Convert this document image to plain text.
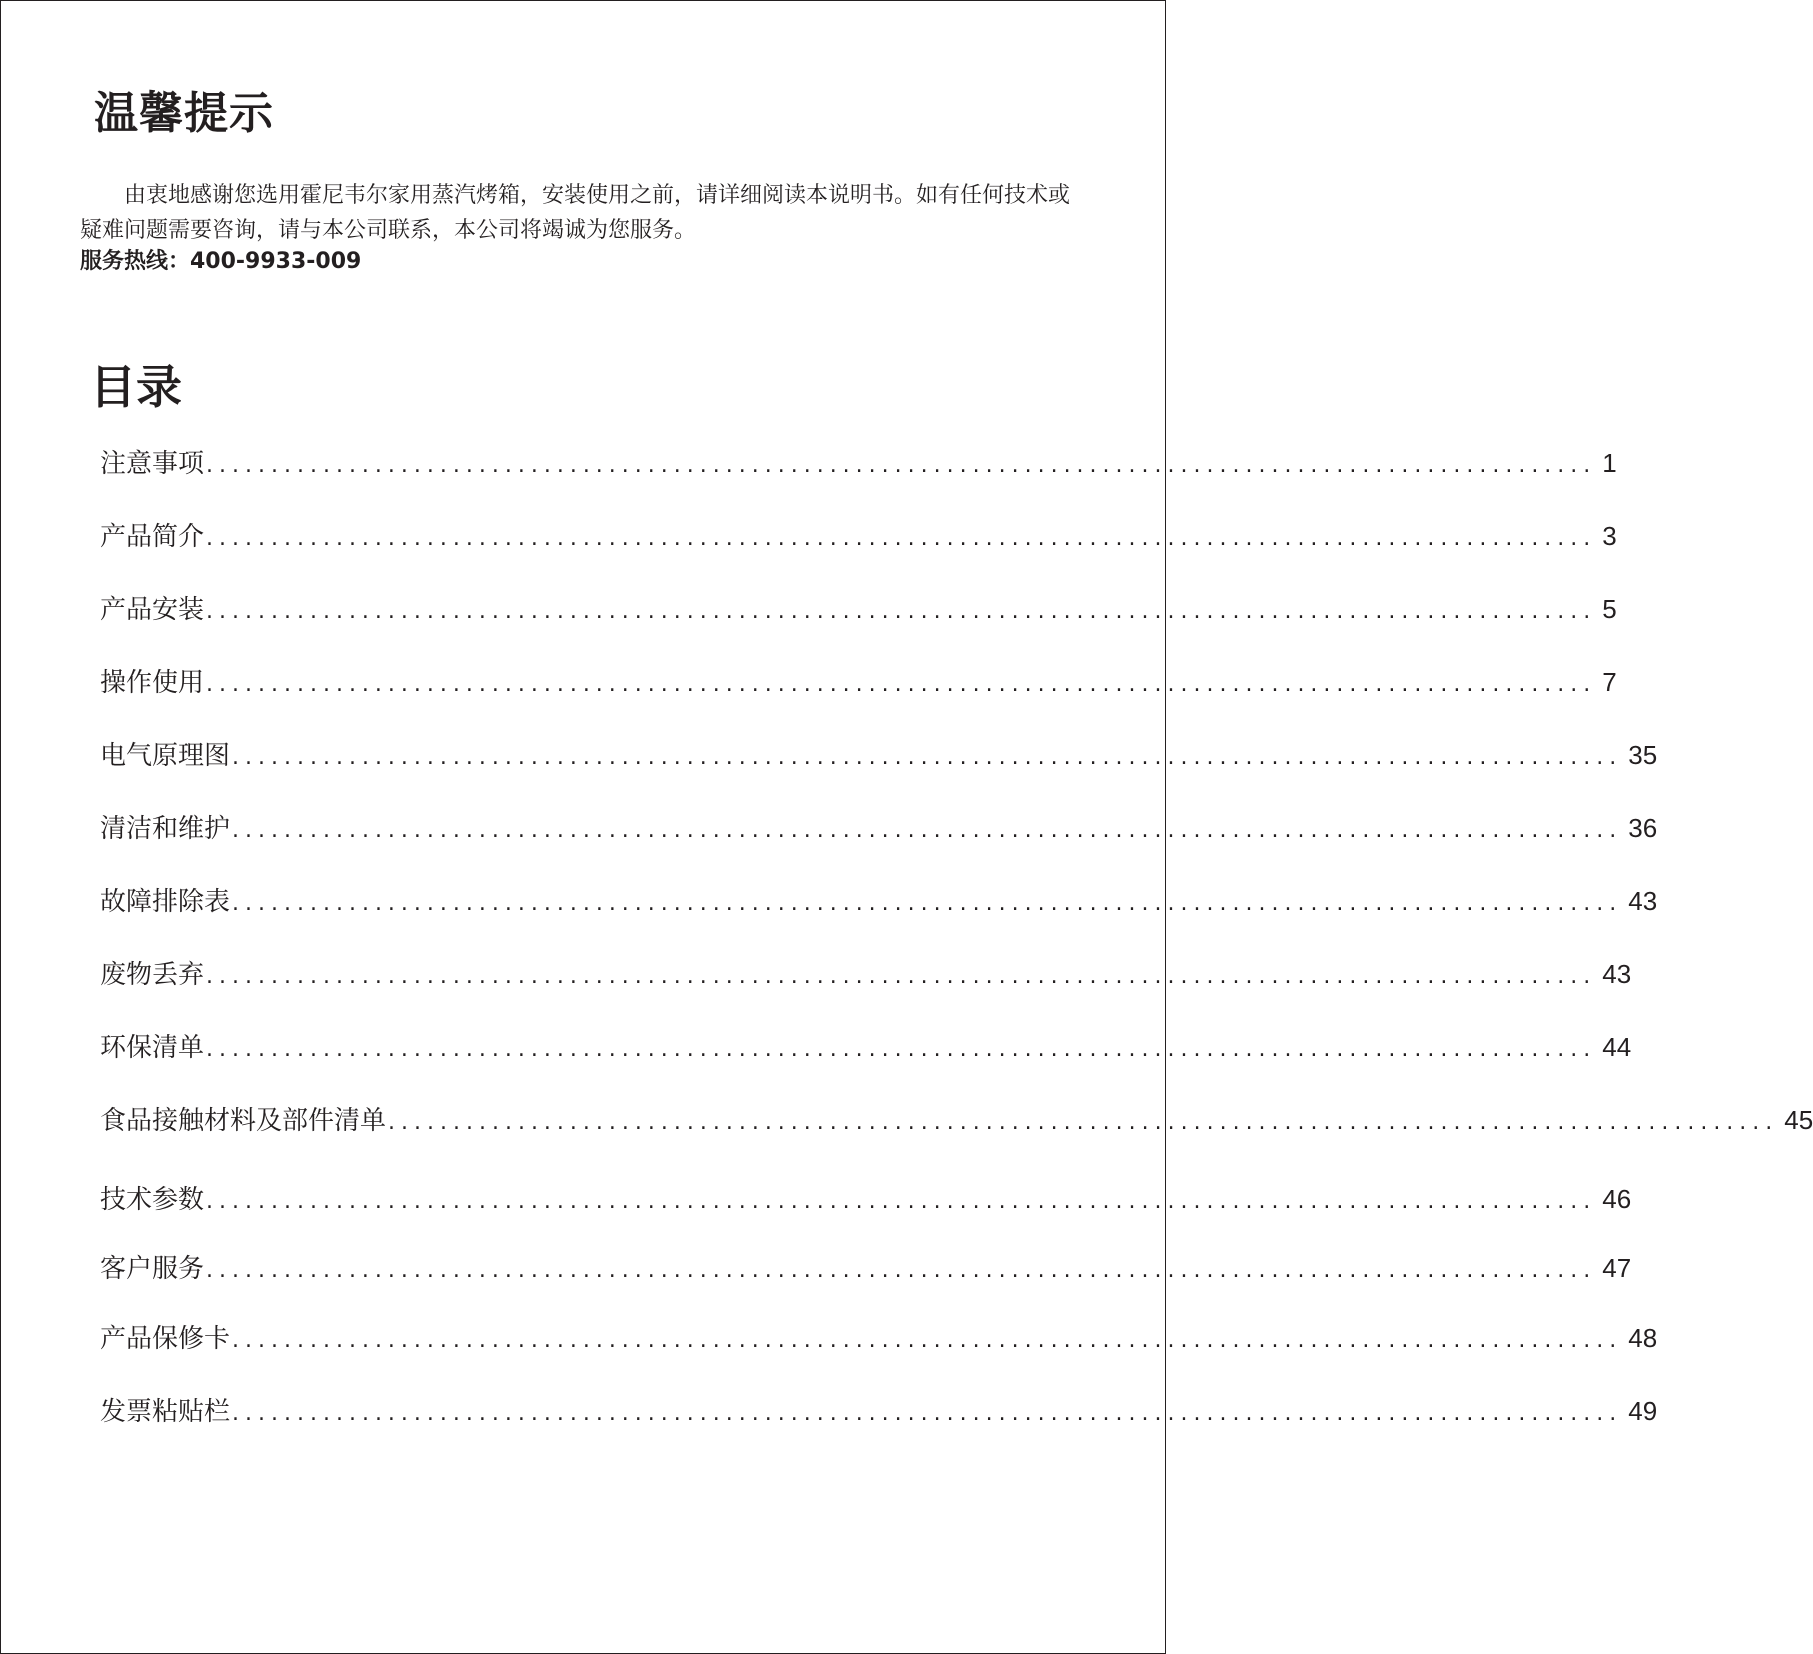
温馨提示

由衷地感谢您选用霍尼韦尔家用蒸汽烤箱，安装使用之前，请详细阅读本说明书。如有任何技术或疑难问题需要咨询，请与本公司联系，本公司将竭诚为您服务。

服务热线：400-9933-009
目录
注意事项 ........................................................................................................... 1
产品简介 ........................................................................................................... 3
产品安装 ........................................................................................................... 5
操作使用 ........................................................................................................... 7
电气原理图 ........................................................................................................... 35
清洁和维护 ........................................................................................................... 36
故障排除表 ........................................................................................................... 43
废物丢弃 ........................................................................................................... 43
环保清单 ........................................................................................................... 44
食品接触材料及部件清单 ........................................................................................................... 45
技术参数 ........................................................................................................... 46
客户服务 ........................................................................................................... 47
产品保修卡 ........................................................................................................... 48
发票粘贴栏 ........................................................................................................... 49
